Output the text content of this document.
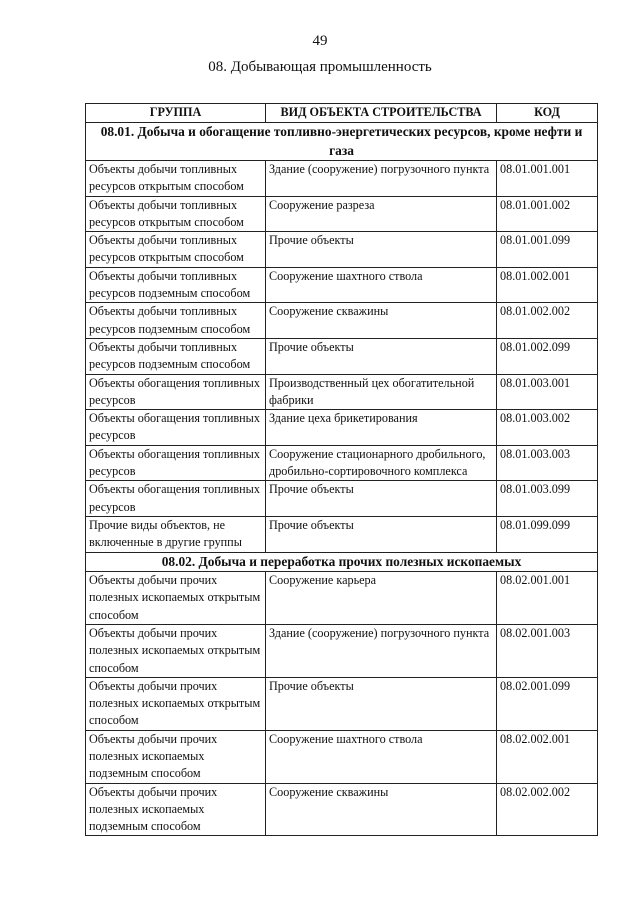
49
08. Добывающая промышленность
ГРУППА	ВИД ОБЪЕКТА СТРОИТЕЛЬСТВА	КОД
08.01. Добыча и обогащение топливно-энергетических ресурсов, кроме нефти и газа		
Объекты добычи топливных ресурсов открытым способом	Здание (сооружение) погрузочного пункта	08.01.001.001
Объекты добычи топливных ресурсов открытым способом	Сооружение разреза	08.01.001.002
Объекты добычи топливных ресурсов открытым способом	Прочие объекты	08.01.001.099
Объекты добычи топливных ресурсов подземным способом	Сооружение шахтного ствола	08.01.002.001
Объекты добычи топливных ресурсов подземным способом	Сооружение скважины	08.01.002.002
Объекты добычи топливных ресурсов подземным способом	Прочие объекты	08.01.002.099
Объекты обогащения топливных ресурсов	Производственный цех обогатительной фабрики	08.01.003.001
Объекты обогащения топливных ресурсов	Здание цеха брикетирования	08.01.003.002
Объекты обогащения топливных ресурсов	Сооружение стационарного дробильного, дробильно-сортировочного комплекса	08.01.003.003
Объекты обогащения топливных ресурсов	Прочие объекты	08.01.003.099
Прочие виды объектов, не включенные в другие группы	Прочие объекты	08.01.099.099
08.02. Добыча и переработка прочих полезных ископаемых		
Объекты добычи прочих полезных ископаемых открытым способом	Сооружение карьера	08.02.001.001
Объекты добычи прочих полезных ископаемых открытым способом	Здание (сооружение) погрузочного пункта	08.02.001.003
Объекты добычи прочих полезных ископаемых открытым способом	Прочие объекты	08.02.001.099
Объекты добычи прочих полезных ископаемых подземным способом	Сооружение шахтного ствола	08.02.002.001
Объекты добычи прочих полезных ископаемых подземным способом	Сооружение скважины	08.02.002.002
